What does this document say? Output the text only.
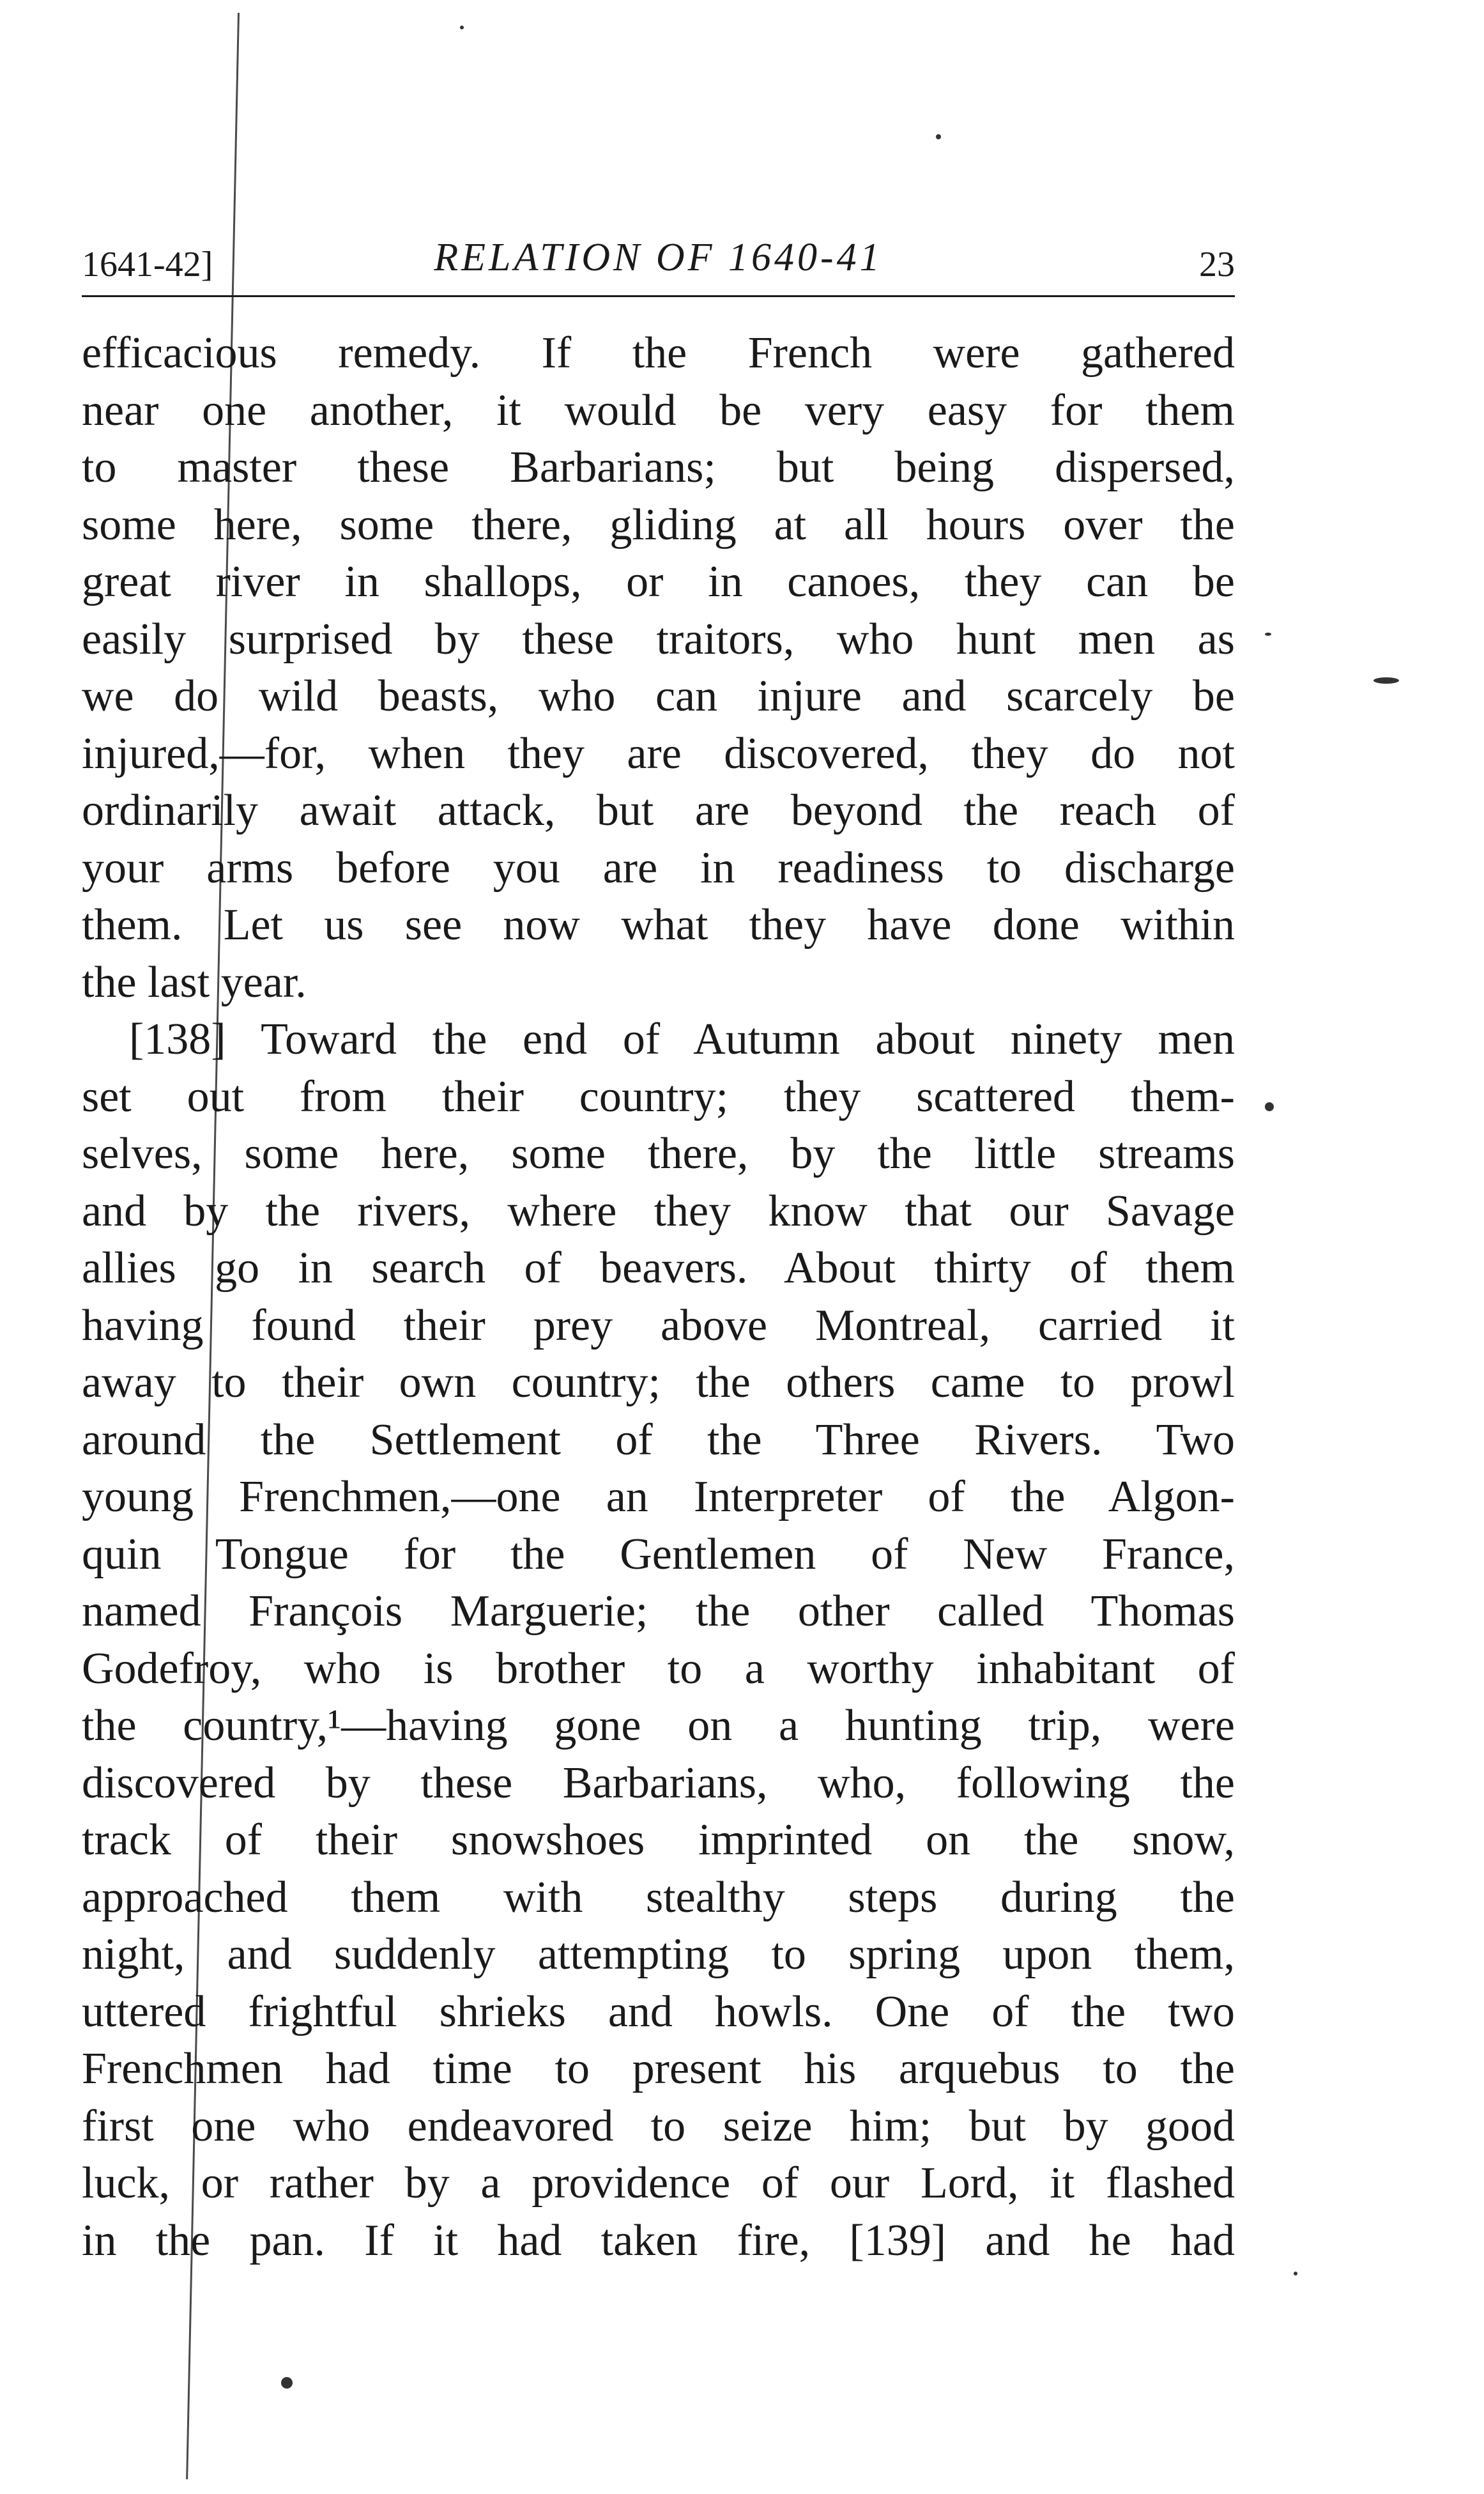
1641-42]	RELATION OF 1640-41	23
efficacious remedy. If the French were gathered
near one another, it would be very easy for them
to master these Barbarians; but being dispersed,
some here, some there, gliding at all hours over the
great river in shallops, or in canoes, they can be
easily surprised by these traitors, who hunt men as
we do wild beasts, who can injure and scarcely be
injured,—for, when they are discovered, they do not
ordinarily await attack, but are beyond the reach of
your arms before you are in readiness to discharge
them. Let us see now what they have done within
the last year.
[138] Toward the end of Autumn about ninety men
set out from their country; they scattered them-
selves, some here, some there, by the little streams
and by the rivers, where they know that our Savage
allies go in search of beavers. About thirty of them
having found their prey above Montreal, carried it
away to their own country; the others came to prowl
around the Settlement of the Three Rivers. Two
young Frenchmen,—one an Interpreter of the Algon-
quin Tongue for the Gentlemen of New France,
named François Marguerie; the other called Thomas
Godefroy, who is brother to a worthy inhabitant of
the country,¹—having gone on a hunting trip, were
discovered by these Barbarians, who, following the
track of their snowshoes imprinted on the snow,
approached them with stealthy steps during the
night, and suddenly attempting to spring upon them,
uttered frightful shrieks and howls. One of the two
Frenchmen had time to present his arquebus to the
first one who endeavored to seize him; but by good
luck, or rather by a providence of our Lord, it flashed
in the pan. If it had taken fire, [139] and he had
